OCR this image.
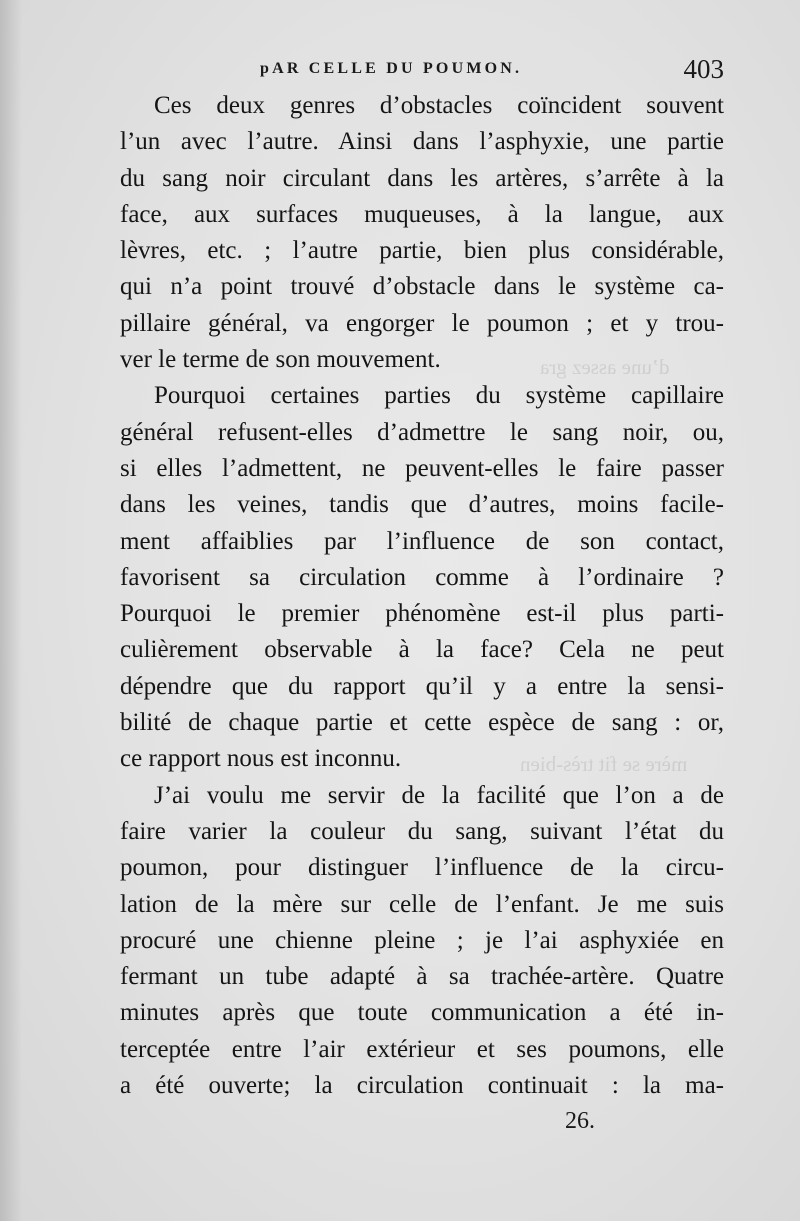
d’une assez gra
mère se fit très-bien
pAR CELLE DU POUMON.	403
Ces deux genres d’obstacles coïncident souvent
l’un avec l’autre. Ainsi dans l’asphyxie, une partie
du sang noir circulant dans les artères, s’arrête à la
face, aux surfaces muqueuses, à la langue, aux
lèvres, etc. ; l’autre partie, bien plus considérable,
qui n’a point trouvé d’obstacle dans le système ca-
pillaire général, va engorger le poumon ; et y trou-
ver le terme de son mouvement.
Pourquoi certaines parties du système capillaire
général refusent-elles d’admettre le sang noir, ou,
si elles l’admettent, ne peuvent-elles le faire passer
dans les veines, tandis que d’autres, moins facile-
ment affaiblies par l’influence de son contact,
favorisent sa circulation comme à l’ordinaire ?
Pourquoi le premier phénomène est-il plus parti-
culièrement observable à la face? Cela ne peut
dépendre que du rapport qu’il y a entre la sensi-
bilité de chaque partie et cette espèce de sang : or,
ce rapport nous est inconnu.
J’ai voulu me servir de la facilité que l’on a de
faire varier la couleur du sang, suivant l’état du
poumon, pour distinguer l’influence de la circu-
lation de la mère sur celle de l’enfant. Je me suis
procuré une chienne pleine ; je l’ai asphyxiée en
fermant un tube adapté à sa trachée-artère. Quatre
minutes après que toute communication a été in-
terceptée entre l’air extérieur et ses poumons, elle
a été ouverte; la circulation continuait : la ma-
26.
